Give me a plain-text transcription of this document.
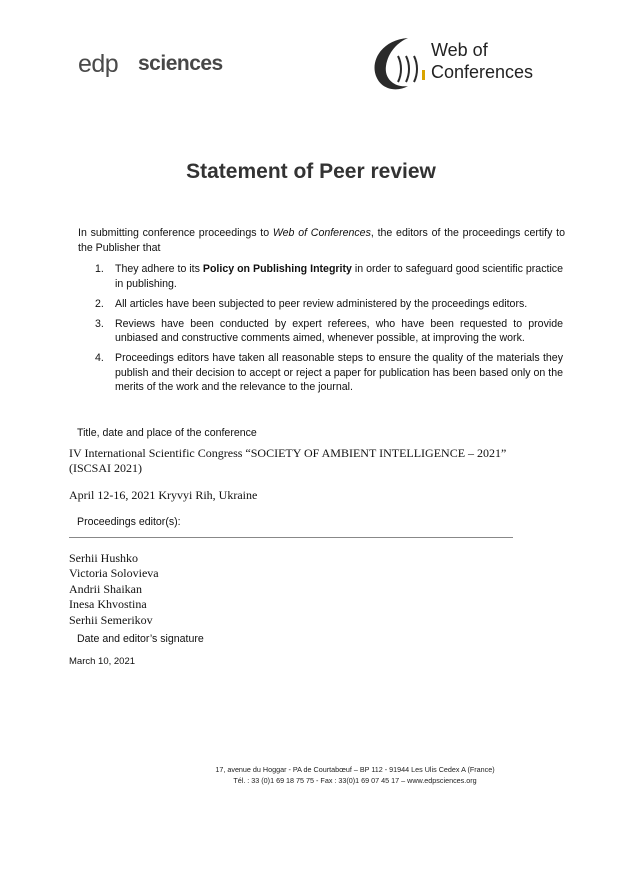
edp sciences
Web of
Conferences
Statement of Peer review
In submitting conference proceedings to Web of Conferences, the editors of the proceedings certify to the Publisher that
1. They adhere to its Policy on Publishing Integrity in order to safeguard good scientific practice in publishing.
2. All articles have been subjected to peer review administered by the proceedings editors.
3. Reviews have been conducted by expert referees, who have been requested to provide unbiased and constructive comments aimed, whenever possible, at improving the work.
4. Proceedings editors have taken all reasonable steps to ensure the quality of the materials they publish and their decision to accept or reject a paper for publication has been based only on the merits of the work and the relevance to the journal.
Title, date and place of the conference
IV International Scientific Congress “SOCIETY OF AMBIENT INTELLIGENCE – 2021” (ISCSAI 2021)
April 12-16, 2021 Kryvyi Rih, Ukraine
Proceedings editor(s):
Serhii Hushko
Victoria Solovieva
Andrii Shaikan
Inesa Khvostina
Serhii Semerikov
Date and editor’s signature
March 10, 2021
17, avenue du Hoggar - PA de Courtabœuf – BP 112 - 91944 Les Ulis Cedex A (France)
Tél. : 33 (0)1 69 18 75 75 - Fax : 33(0)1 69 07 45 17 – www.edpsciences.org
